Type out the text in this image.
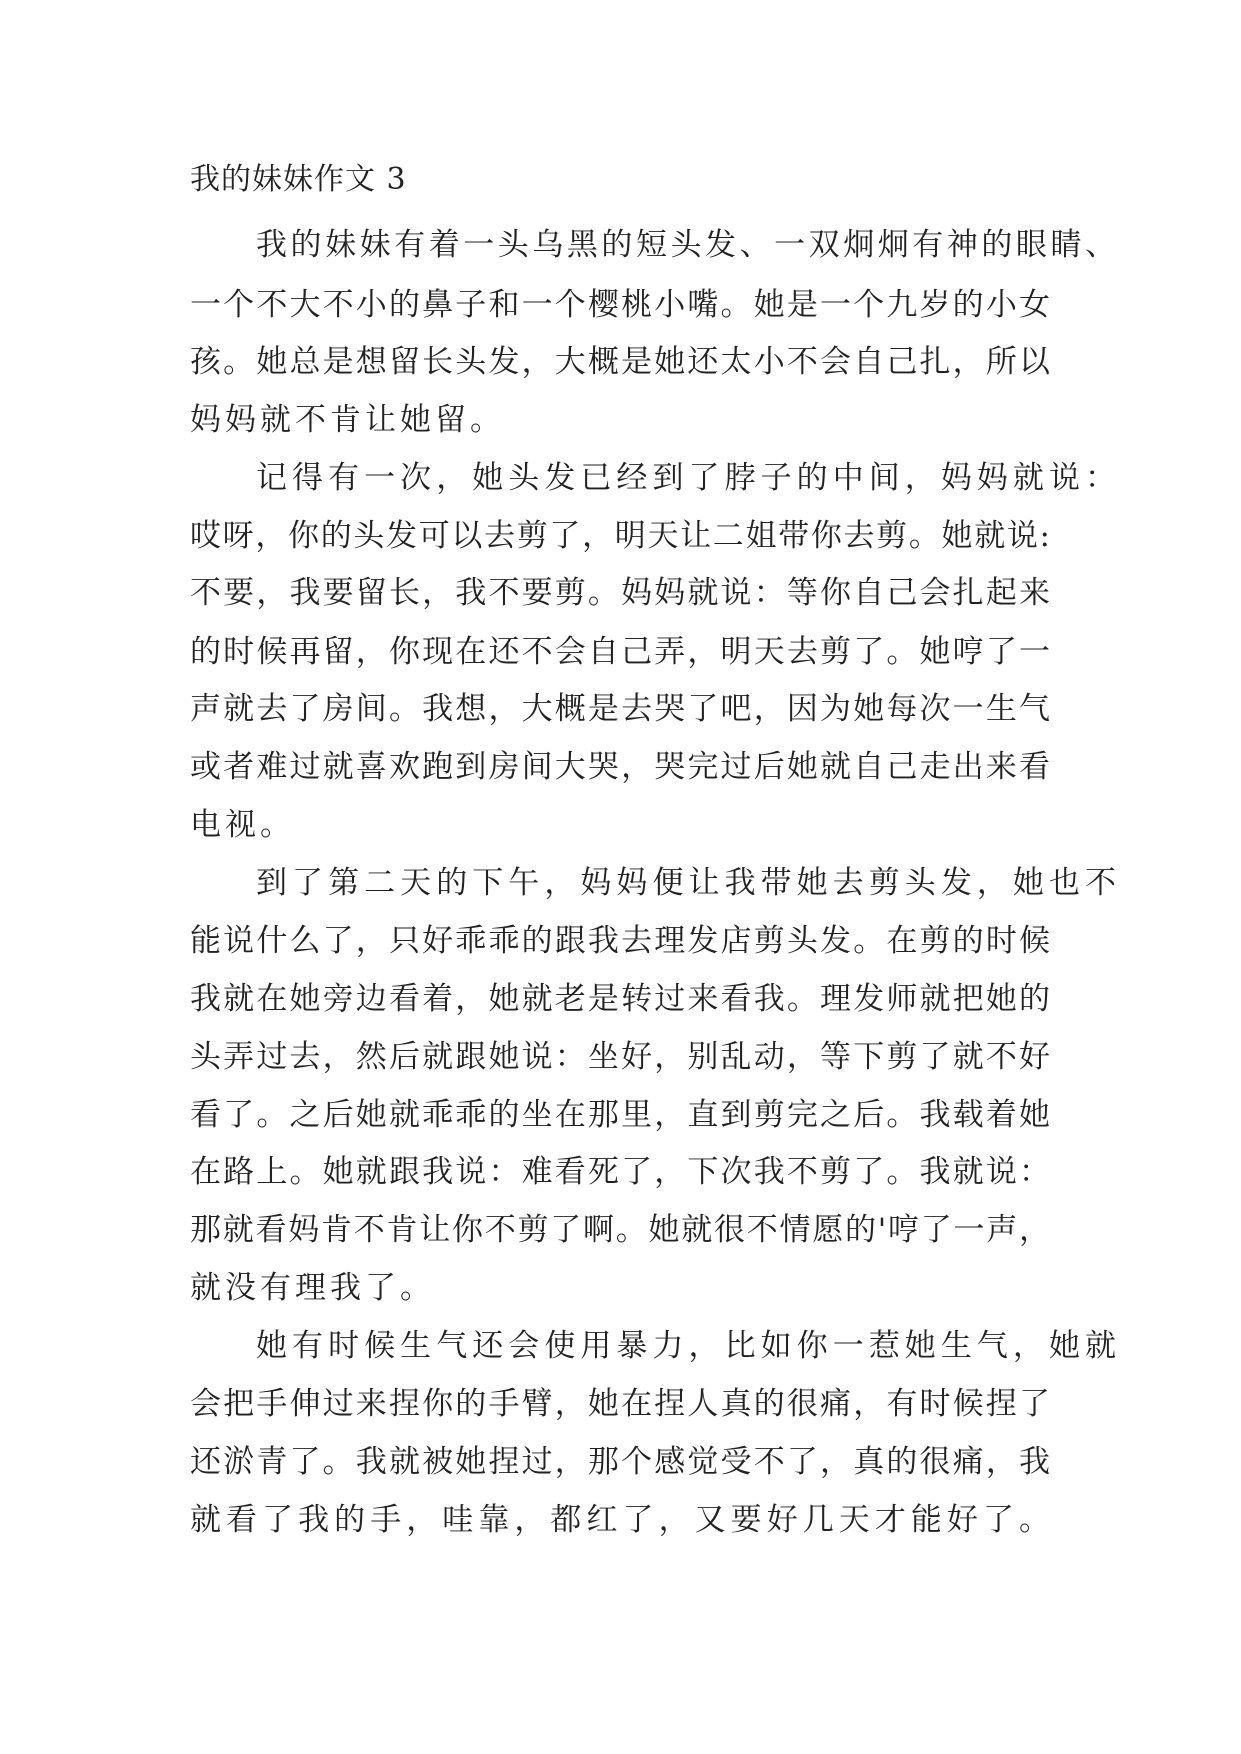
我的妹妹作文 3
我的妹妹有着一头乌黑的短头发、一双炯炯有神的眼睛、
一个不大不小的鼻子和一个樱桃小嘴。她是一个九岁的小女
孩。她总是想留长头发，大概是她还太小不会自己扎，所以
妈妈就不肯让她留。
记得有一次，她头发已经到了脖子的中间，妈妈就说：
哎呀，你的头发可以去剪了，明天让二姐带你去剪。她就说:
不要，我要留长，我不要剪。妈妈就说：等你自己会扎起来
的时候再留，你现在还不会自己弄，明天去剪了。她哼了一
声就去了房间。我想，大概是去哭了吧，因为她每次一生气
或者难过就喜欢跑到房间大哭，哭完过后她就自己走出来看
电视。
到了第二天的下午，妈妈便让我带她去剪头发，她也不
能说什么了，只好乖乖的跟我去理发店剪头发。在剪的时候
我就在她旁边看着，她就老是转过来看我。理发师就把她的
头弄过去，然后就跟她说：坐好，别乱动，等下剪了就不好
看了。之后她就乖乖的坐在那里，直到剪完之后。我载着她
在路上。她就跟我说：难看死了，下次我不剪了。我就说：
那就看妈肯不肯让你不剪了啊。她就很不情愿的'哼了一声，
就没有理我了。
她有时候生气还会使用暴力，比如你一惹她生气，她就
会把手伸过来捏你的手臂，她在捏人真的很痛，有时候捏了
还淤青了。我就被她捏过，那个感觉受不了，真的很痛，我
就看了我的手，哇靠，都红了，又要好几天才能好了。
